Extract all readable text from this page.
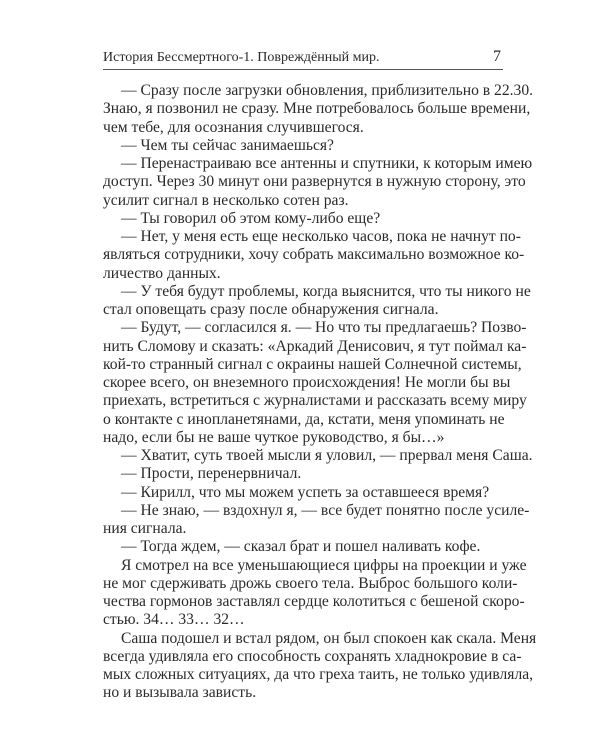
История Бессмертного-1. Повреждённый мир.	7
— Сразу после загрузки обновления, приблизительно в 22.30.
Знаю, я позвонил не сразу. Мне потребовалось больше времени,
чем тебе, для осознания случившегося.
— Чем ты сейчас занимаешься?
— Перенастраиваю все антенны и спутники, к которым имею
доступ. Через 30 минут они развернутся в нужную сторону, это
усилит сигнал в несколько сотен раз.
— Ты говорил об этом кому-либо еще?
— Нет, у меня есть еще несколько часов, пока не начнут по-
являться сотрудники, хочу собрать максимально возможное ко-
личество данных.
— У тебя будут проблемы, когда выяснится, что ты никого не
стал оповещать сразу после обнаружения сигнала.
— Будут, — согласился я. — Но что ты предлагаешь? Позво-
нить Сломову и сказать: «Аркадий Денисович, я тут поймал ка-
кой-то странный сигнал с окраины нашей Солнечной системы,
скорее всего, он внеземного происхождения! Не могли бы вы
приехать, встретиться с журналистами и рассказать всему миру
о контакте с инопланетянами, да, кстати, меня упоминать не
надо, если бы не ваше чуткое руководство, я бы…»
— Хватит, суть твоей мысли я уловил, — прервал меня Саша.
— Прости, перенервничал.
— Кирилл, что мы можем успеть за оставшееся время?
— Не знаю, — вздохнул я, — все будет понятно после усиле-
ния сигнала.
— Тогда ждем, — сказал брат и пошел наливать кофе.
Я смотрел на все уменьшающиеся цифры на проекции и уже
не мог сдерживать дрожь своего тела. Выброс большого коли-
чества гормонов заставлял сердце колотиться с бешеной скоро-
стью. 34… 33… 32…
Саша подошел и встал рядом, он был спокоен как скала. Меня
всегда удивляла его способность сохранять хладнокровие в са-
мых сложных ситуациях, да что греха таить, не только удивляла,
но и вызывала зависть.
